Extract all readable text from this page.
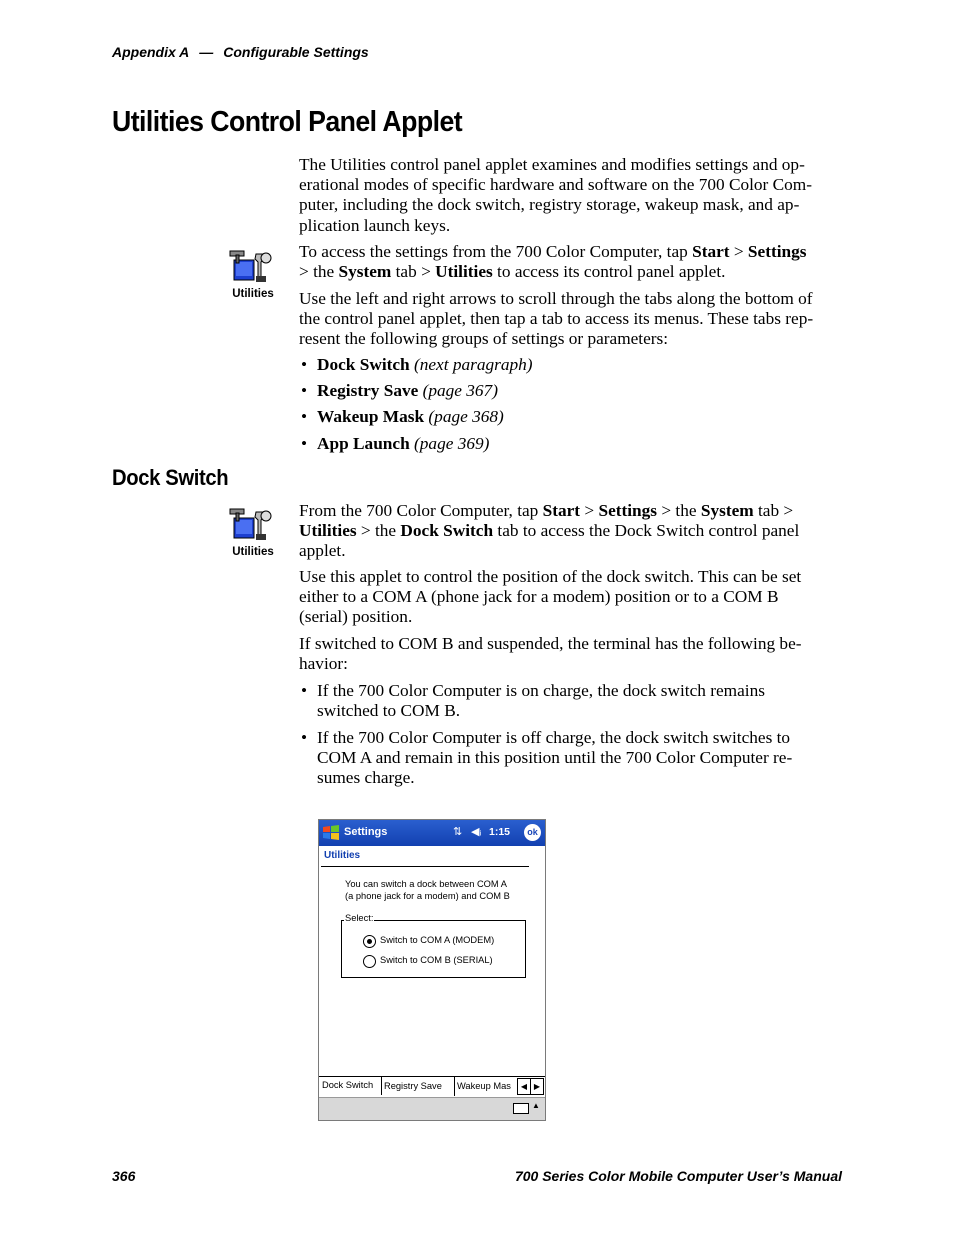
Appendix A — Configurable Settings
Utilities Control Panel Applet

The Utilities control panel applet examines and modifies settings and op-
erational modes of specific hardware and software on the 700 Color Com-
puter, including the dock switch, registry storage, wakeup mask, and ap-
plication launch keys.

Utilities

To access the settings from the 700 Color Computer, tap Start > Settings
> the System tab > Utilities to access its control panel applet.

Use the left and right arrows to scroll through the tabs along the bottom of
the control panel applet, then tap a tab to access its menus. These tabs rep-
resent the following groups of settings or parameters:

• Dock Switch (next paragraph)
• Registry Save (page 367)
• Wakeup Mask (page 368)
• App Launch (page 369)
Dock Switch
Utilities

From the 700 Color Computer, tap Start > Settings > the System tab >
Utilities > the Dock Switch tab to access the Dock Switch control panel
applet.

Use this applet to control the position of the dock switch. This can be set
either to a COM A (phone jack for a modem) position or to a COM B
(serial) position.

If switched to COM B and suspended, the terminal has the following be-
havior:

• If the 700 Color Computer is on charge, the dock switch remains
switched to COM B.
• If the 700 Color Computer is off charge, the dock switch switches to
COM A and remain in this position until the 700 Color Computer re-
sumes charge.
Settings	⇅ ◀ᵢ 1:15	ok
Utilities
You can switch a dock between COM A
(a phone jack for a modem) and COM B
Select:
Switch to COM A (MODEM)
Switch to COM B (SERIAL)
Dock Switch	Registry Save	Wakeup Mas	◀ ▶
▲
366	700 Series Color Mobile Computer User’s Manual
